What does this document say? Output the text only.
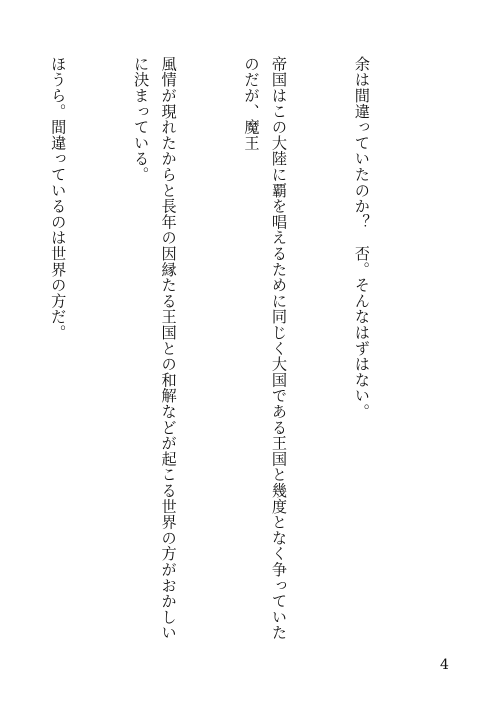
余は間違っていたのか？　否。そんなはずはない。

帝国はこの大陸に覇を唱えるために同じく大国である王国と幾度となく争っていたのだが、魔王

風情が現れたからと長年の因縁たる王国との和解などが起こる世界の方がおかしいに決まっている。

ほうら。間違っているのは世界の方だ。

4
